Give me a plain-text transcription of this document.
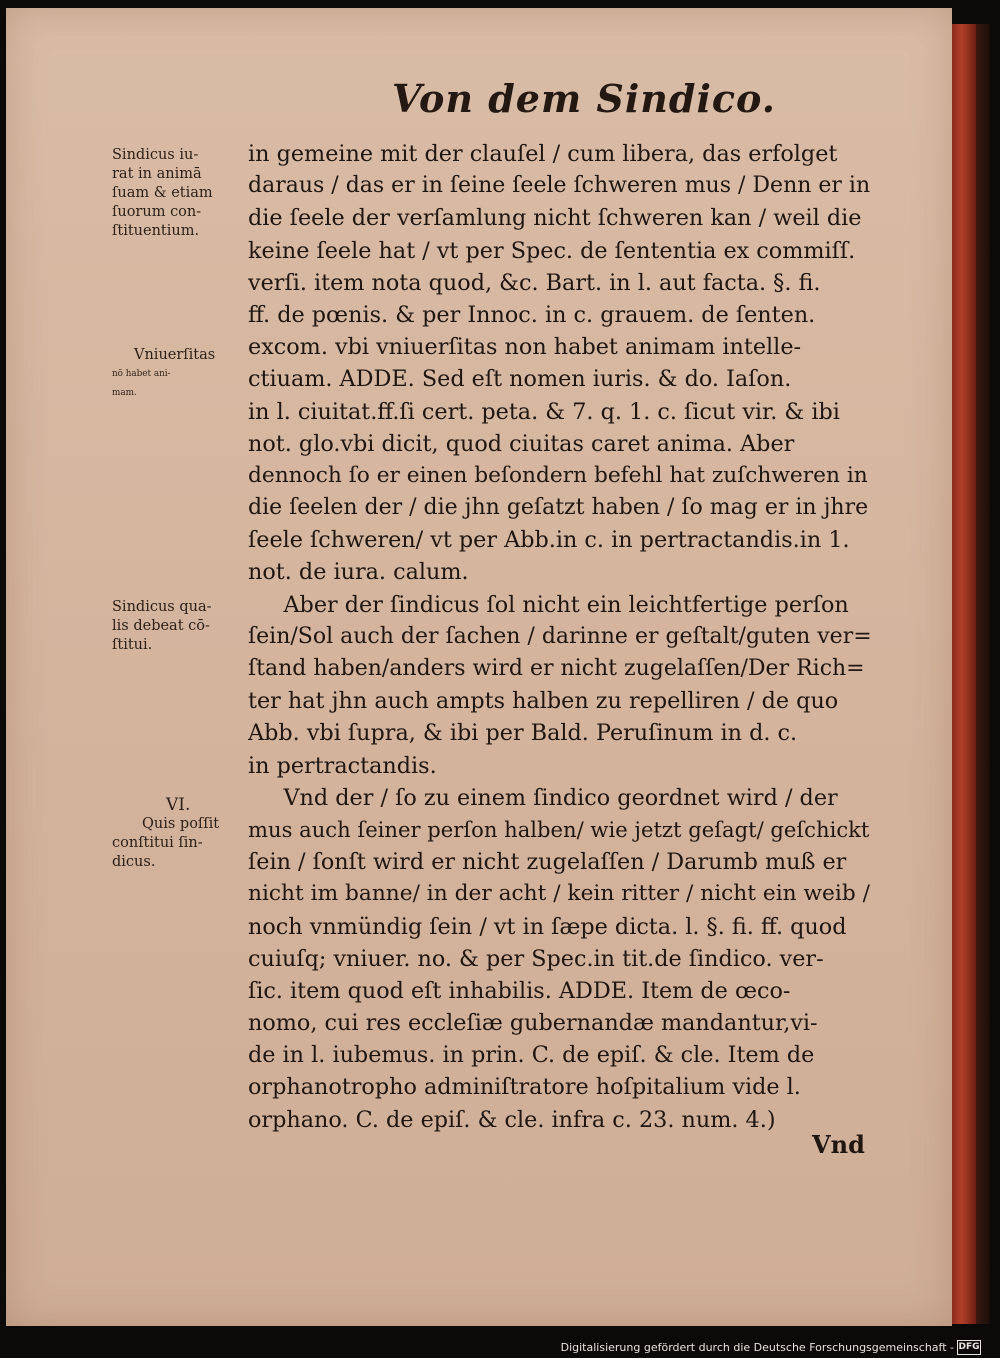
Von dem Sindico.
Sindicus iu-
rat in animā
ſuam & etiam
ſuorum con-
ſtituentium.
Vniuerſitas
nō habet ani-
mam.
Sindicus qua-
lis debeat cō-
ſtitui.
VI.
Quis poſſit
conſtitui ſin-
dicus.
in gemeine mit der clauſel / cum libera, das erfolget
daraus / das er in ſeine ſeele ſchweren mus / Denn er in
die ſeele der verſamlung nicht ſchweren kan / weil die
keine ſeele hat / vt per Spec. de ſententia ex commiſſ.
verſi. item nota quod, &c. Bart. in l. aut facta. §. fi.
ff. de pœnis. & per Innoc. in c. grauem. de ſenten.
excom. vbi vniuerſitas non habet animam intelle-
ctiuam. ADDE. Sed eſt nomen iuris. & do. Iaſon.
in l. ciuitat.ff.ſi cert. peta. & 7. q. 1. c. ſicut vir. & ibi
not. glo.vbi dicit, quod ciuitas caret anima. Aber
dennoch ſo er einen beſondern befehl hat zuſchweren in
die ſeelen der / die jhn geſatzt haben / ſo mag er in jhre
ſeele ſchweren/ vt per Abb.in c. in pertractandis.in 1.
not. de iura. calum.
Aber der ſindicus ſol nicht ein leichtfertige perſon
ſein/Sol auch der ſachen / darinne er geſtalt/guten ver=
ſtand haben/anders wird er nicht zugelaſſen/Der Rich=
ter hat jhn auch ampts halben zu repelliren / de quo
Abb. vbi ſupra, & ibi per Bald. Peruſinum in d. c.
in pertractandis.
Vnd der / ſo zu einem ſindico geordnet wird / der
mus auch ſeiner perſon halben/ wie jetzt geſagt/ geſchickt
ſein / ſonſt wird er nicht zugelaſſen / Darumb muß er
nicht im banne/ in der acht / kein ritter / nicht ein weib /
noch vnmündig ſein / vt in ſæpe dicta. l. §. fi. ff. quod
cuiuſq; vniuer. no. & per Spec.in tit.de ſindico. ver-
ſic. item quod eſt inhabilis. ADDE. Item de œco-
nomo, cui res eccleſiæ gubernandæ mandantur,vi-
de in l. iubemus. in prin. C. de epiſ. & cle. Item de
orphanotropho adminiſtratore hoſpitalium vide l.
orphano. C. de epiſ. & cle. infra c. 23. num. 4.)
Vnd
Digitalisierung gefördert durch die Deutsche Forschungsgemeinschaft - DFG
